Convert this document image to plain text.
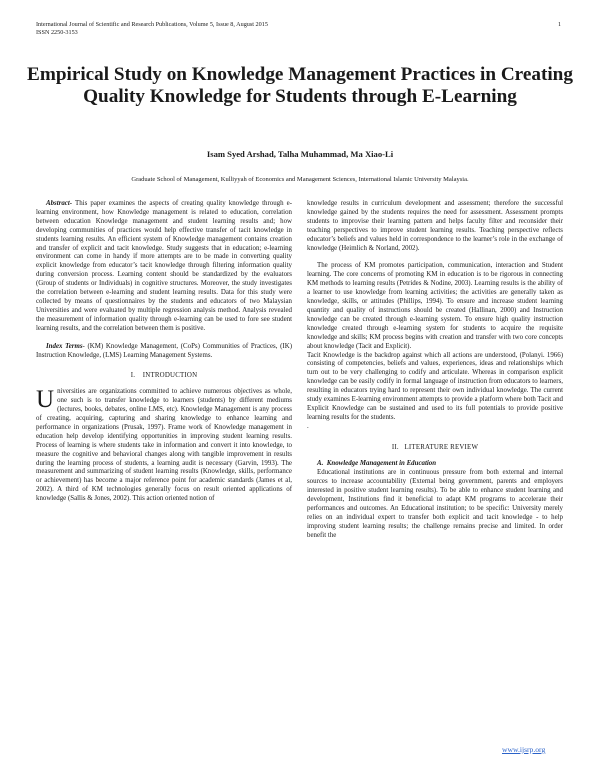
International Journal of Scientific and Research Publications, Volume 5, Issue 8, August 2015
ISSN 2250-3153
1
Empirical Study on Knowledge Management Practices in Creating Quality Knowledge for Students through E-Learning
Isam Syed Arshad, Talha Muhammad, Ma Xiao-Li
Graduate School of Management, Kulliyyah of Economics and Management Sciences, International Islamic University Malaysia.

Abstract- This paper examines the aspects of creating quality knowledge through e-learning environment, how Knowledge management is related to education, correlation between education Knowledge management and student learning results and; how developing communities of practices would help effective transfer of tacit knowledge in students learning results. An efficient system of Knowledge management contains creation and transfer of explicit and tacit knowledge. Study suggests that in education; e-learning environment can come in handy if more attempts are to be made in converting quality explicit knowledge from educator’s tacit knowledge through filtering information quality during conversion process. Learning content should be standardized by the evaluators (Group of students or Individuals) in cognitive structures. Moreover, the study investigates the correlation between e-learning and student learning results. Data for this study were collected by means of questionnaires by the students and educators of two Malaysian Universities and were evaluated by multiple regression analysis method. Analysis revealed the measurement of information quality through e-learning can be used to fore see student learning results, and the correlation between them is positive.

Index Terms- (KM) Knowledge Management, (CoPs) Communities of Practices, (IK) Instruction Knowledge, (LMS) Learning Management Systems.

I.    INTRODUCTION

Universities are organizations committed to achieve numerous objectives as whole, one such is to transfer knowledge to learners (students) by different mediums (lectures, books, debates, online LMS, etc). Knowledge Management is any process of creating, acquiring, capturing and sharing knowledge to enhance learning and performance in organizations (Prusak, 1997). Frame work of Knowledge management in education help develop identifying opportunities in improving student learning results. Process of learning is where students take in information and convert it into knowledge, to measure the cognitive and behavioral changes along with tangible improvement in results during the learning process of students, a learning audit is necessary (Garvin, 1993). The measurement and summarizing of student learning results (Knowledge, skills, performance or achievement) has become a major reference point for academic standards (James et al, 2002). A third of KM technologies generally focus on result oriented applications of knowledge (Sallis & Jones, 2002). This action oriented notion of

knowledge results in curriculum development and assessment; therefore the successful knowledge gained by the students requires the need for assessment. Assessment prompts students to improvise their learning pattern and helps faculty filter and reconsider their teaching perspectives to improve student learning results. Teaching perspective reflects educator’s beliefs and values held in correspondence to the learner’s role in the exchange of knowledge (Heimlich & Norland, 2002).

The process of KM promotes participation, communication, interaction and Student learning. The core concerns of promoting KM in education is to be rigorous in connecting KM methods to learning results (Petrides & Nodine, 2003). Learning results is the ability of a learner to use knowledge from learning activities; the activities are generally taken as knowledge, skills, or attitudes (Phillips, 1994). To ensure and increase student learning quantity and quality of instructions should be created (Hallinan, 2000) and Instruction knowledge can be created through e-learning system. To ensure high quality instruction knowledge created through e-learning system for students to acquire the requisite knowledge and skills; KM process begins with creation and transfer with two core concepts about knowledge (Tacit and Explicit).

Tacit Knowledge is the backdrop against which all actions are understood, (Polanyi. 1966) consisting of competencies, beliefs and values, experiences, ideas and relationships which turn out to be very challenging to codify and articulate. Whereas in comparison explicit knowledge can be easily codify in formal language of instruction from educators to learners, resulting in educators trying hard to represent their own individual knowledge. The current study examines E-learning environment attempts to provide a platform where both Tacit and Explicit Knowledge can be sustained and used to its full potentials to provide positive learning results for the students.

.

II.   LITERATURE REVIEW
A.  Knowledge Management in Education

Educational institutions are in continuous pressure from both external and internal sources to increase accountability (External being government, parents and employers interested in positive student learning results). To be able to enhance student learning and development, Institutions find it beneficial to adapt KM programs to accelerate their performances and outcomes. An Educational institution; to be specific: University merely relies on an individual expert to transfer both explicit and tacit knowledge - to help improving student learning results; the challenge remains precise and limited. In order benefit the

www.ijsrp.org
